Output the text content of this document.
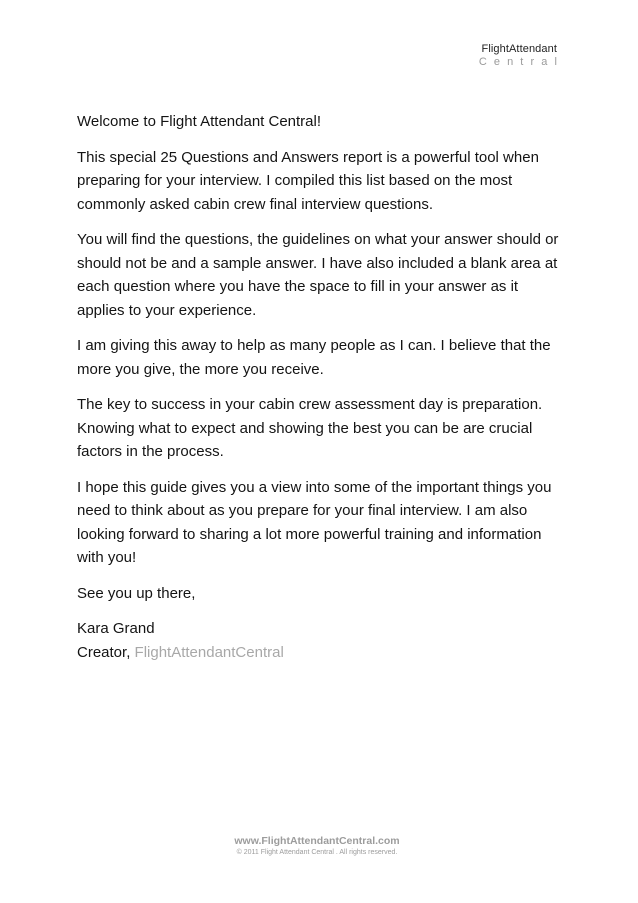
FlightAttendant
Central

Welcome to Flight Attendant Central!

This special 25 Questions and Answers report is a powerful tool when preparing for your interview. I compiled this list based on the most commonly asked cabin crew final interview questions.

You will find the questions, the guidelines on what your answer should or should not be and a sample answer. I have also included a blank area at each question where you have the space to fill in your answer as it applies to your experience.

I am giving this away to help as many people as I can. I believe that the more you give, the more you receive.

The key to success in your cabin crew assessment day is preparation. Knowing what to expect and showing the best you can be are crucial factors in the process.

I hope this guide gives you a view into some of the important things you need to think about as you prepare for your final interview. I am also looking forward to sharing a lot more powerful training and information with you!

See you up there,

Kara Grand
Creator, FlightAttendantCentral
www.FlightAttendantCentral.com
© 2011 Flight Attendant Central . All rights reserved.
